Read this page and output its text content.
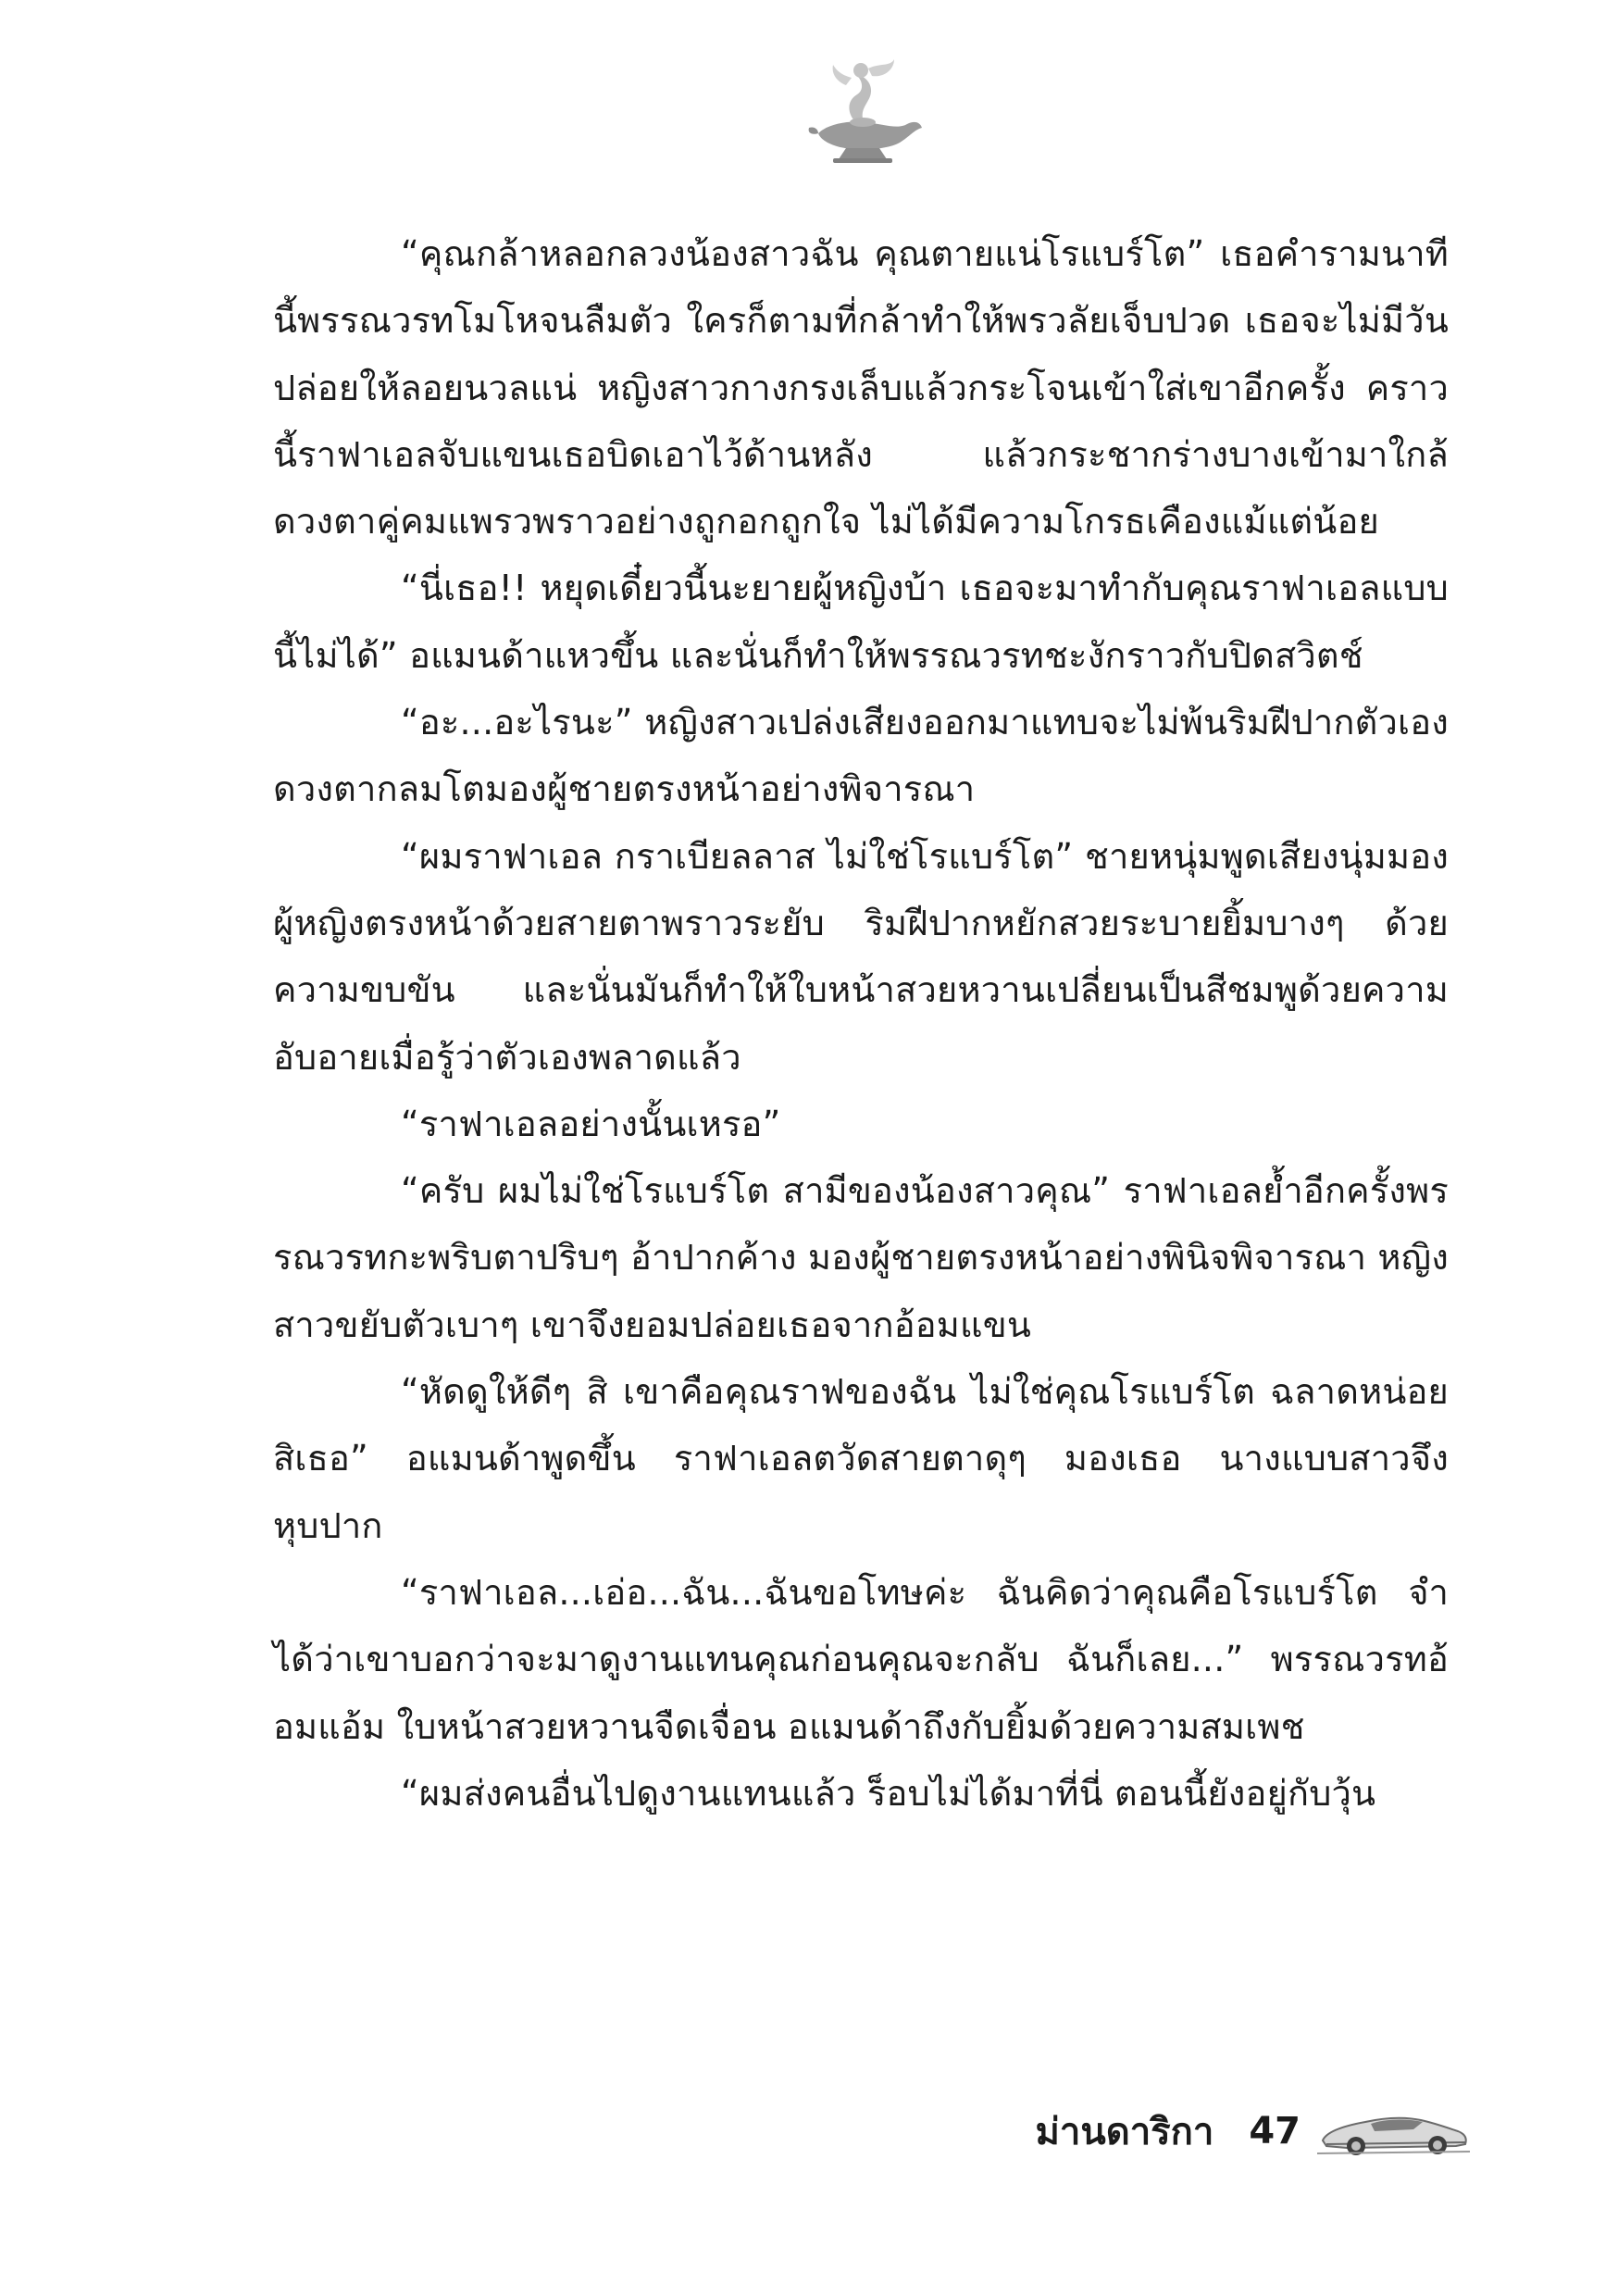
“คุณกล้าหลอกลวงน้องสาวฉัน คุณตายแน่โรแบร์โต” เธอคำรามนาทีนี้พรรณวรทโมโหจนลืมตัว ใครก็ตามที่กล้าทำให้พรวลัยเจ็บปวด เธอจะไม่มีวันปล่อยให้ลอยนวลแน่ หญิงสาวกางกรงเล็บแล้วกระโจนเข้าใส่เขาอีกครั้ง คราวนี้ราฟาเอลจับแขนเธอบิดเอาไว้ด้านหลัง แล้วกระชากร่างบางเข้ามาใกล้ ดวงตาคู่คมแพรวพราวอย่างถูกอกถูกใจ ไม่ได้มีความโกรธเคืองแม้แต่น้อย

“นี่เธอ!! หยุดเดี๋ยวนี้นะยายผู้หญิงบ้า เธอจะมาทำกับคุณราฟาเอลแบบนี้ไม่ได้” อแมนด้าแหวขึ้น และนั่นก็ทำให้พรรณวรทชะงักราวกับปิดสวิตช์

“อะ...อะไรนะ” หญิงสาวเปล่งเสียงออกมาแทบจะไม่พ้นริมฝีปากตัวเอง ดวงตากลมโตมองผู้ชายตรงหน้าอย่างพิจารณา

“ผมราฟาเอล กราเบียลลาส ไม่ใช่โรแบร์โต” ชายหนุ่มพูดเสียงนุ่มมองผู้หญิงตรงหน้าด้วยสายตาพราวระยับ ริมฝีปากหยักสวยระบายยิ้มบางๆ ด้วยความขบขัน และนั่นมันก็ทำให้ใบหน้าสวยหวานเปลี่ยนเป็นสีชมพูด้วยความอับอายเมื่อรู้ว่าตัวเองพลาดแล้ว

“ราฟาเอลอย่างนั้นเหรอ”

“ครับ ผมไม่ใช่โรแบร์โต สามีของน้องสาวคุณ” ราฟาเอลย้ำอีกครั้งพรรณวรทกะพริบตาปริบๆ อ้าปากค้าง มองผู้ชายตรงหน้าอย่างพินิจพิจารณา หญิงสาวขยับตัวเบาๆ เขาจึงยอมปล่อยเธอจากอ้อมแขน

“หัดดูให้ดีๆ สิ เขาคือคุณราฟของฉัน ไม่ใช่คุณโรแบร์โต ฉลาดหน่อยสิเธอ” อแมนด้าพูดขึ้น ราฟาเอลตวัดสายตาดุๆ มองเธอ นางแบบสาวจึงหุบปาก

“ราฟาเอล...เอ่อ...ฉัน...ฉันขอโทษค่ะ ฉันคิดว่าคุณคือโรแบร์โต จำได้ว่าเขาบอกว่าจะมาดูงานแทนคุณก่อนคุณจะกลับ ฉันก็เลย...” พรรณวรทอ้อมแอ้ม ใบหน้าสวยหวานจืดเจื่อน อแมนด้าถึงกับยิ้มด้วยความสมเพช

“ผมส่งคนอื่นไปดูงานแทนแล้ว ร็อบไม่ได้มาที่นี่ ตอนนี้ยังอยู่กับวุ้น

ม่านดาริกา 47
